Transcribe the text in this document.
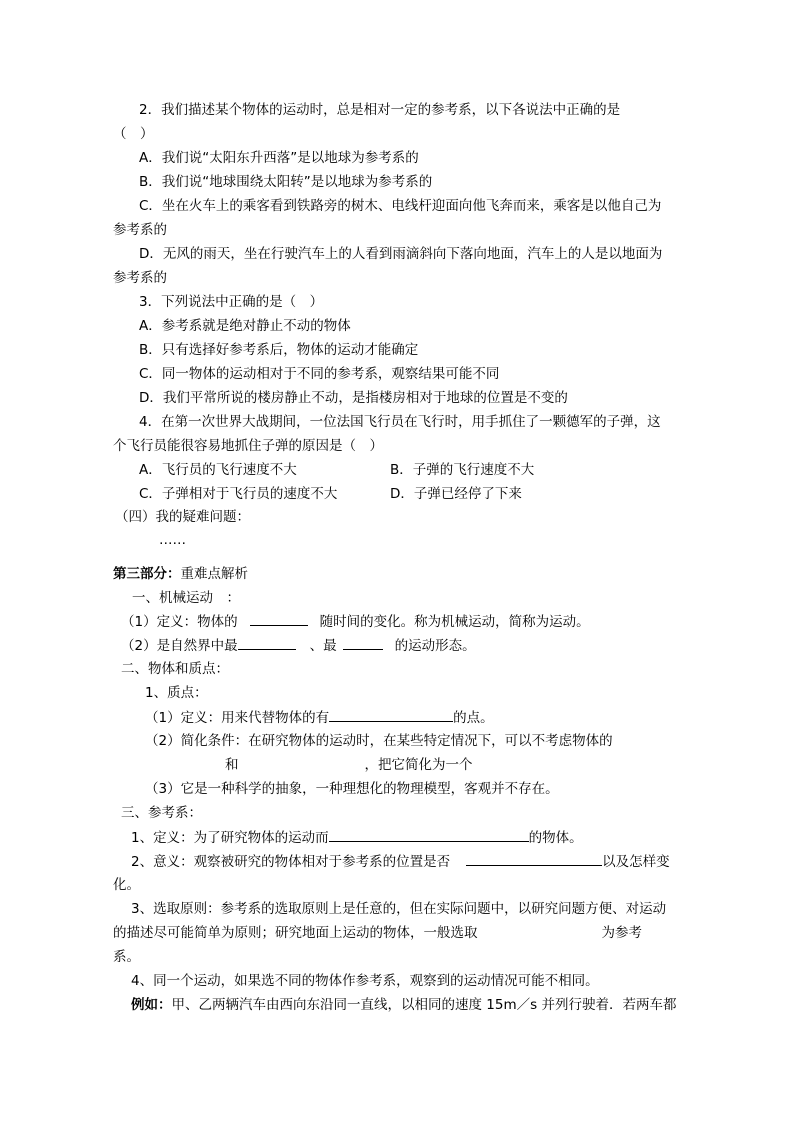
2．我们描述某个物体的运动时，总是相对一定的参考系，以下各说法中正确的是
（　）
A．我们说“太阳东升西落”是以地球为参考系的
B．我们说“地球围绕太阳转”是以地球为参考系的
C．坐在火车上的乘客看到铁路旁的树木、电线杆迎面向他飞奔而来，乘客是以他自己为
参考系的
D．无风的雨天，坐在行驶汽车上的人看到雨滴斜向下落向地面，汽车上的人是以地面为
参考系的
3．下列说法中正确的是（　）
A．参考系就是绝对静止不动的物体
B．只有选择好参考系后，物体的运动才能确定
C．同一物体的运动相对于不同的参考系，观察结果可能不同
D．我们平常所说的楼房静止不动，是指楼房相对于地球的位置是不变的
4．在第一次世界大战期间，一位法国飞行员在飞行时，用手抓住了一颗德军的子弹，这
个飞行员能很容易地抓住子弹的原因是（　）
A．飞行员的飞行速度不大	B．子弹的飞行速度不大
C．子弹相对于飞行员的速度不大	D．子弹已经停了下来
（四）我的疑难问题：
……
第三部分：重难点解析
一、机械运动　：
（1）定义：物体的	随时间的变化。称为机械运动，简称为运动。
（2）是自然界中最	、最	的运动形态。
二、物体和质点：
1、质点：
（1）定义：用来代替物体的有	的点。
（2）简化条件：在研究物体的运动时，在某些特定情况下，可以不考虑物体的
和	，把它简化为一个
（3）它是一种科学的抽象，一种理想化的物理模型，客观并不存在。
三、参考系：
1、定义：为了研究物体的运动而	的物体。
2、意义：观察被研究的物体相对于参考系的位置是否	以及怎样变
化。
3、选取原则：参考系的选取原则上是任意的，但在实际问题中，以研究问题方便、对运动
的描述尽可能简单为原则；研究地面上运动的物体，一般选取	为参考
系。
4、同一个运动，如果选不同的物体作参考系，观察到的运动情况可能不相同。
例如：甲、乙两辆汽车由西向东沿同一直线，以相同的速度 15m／s 并列行驶着．若两车都
